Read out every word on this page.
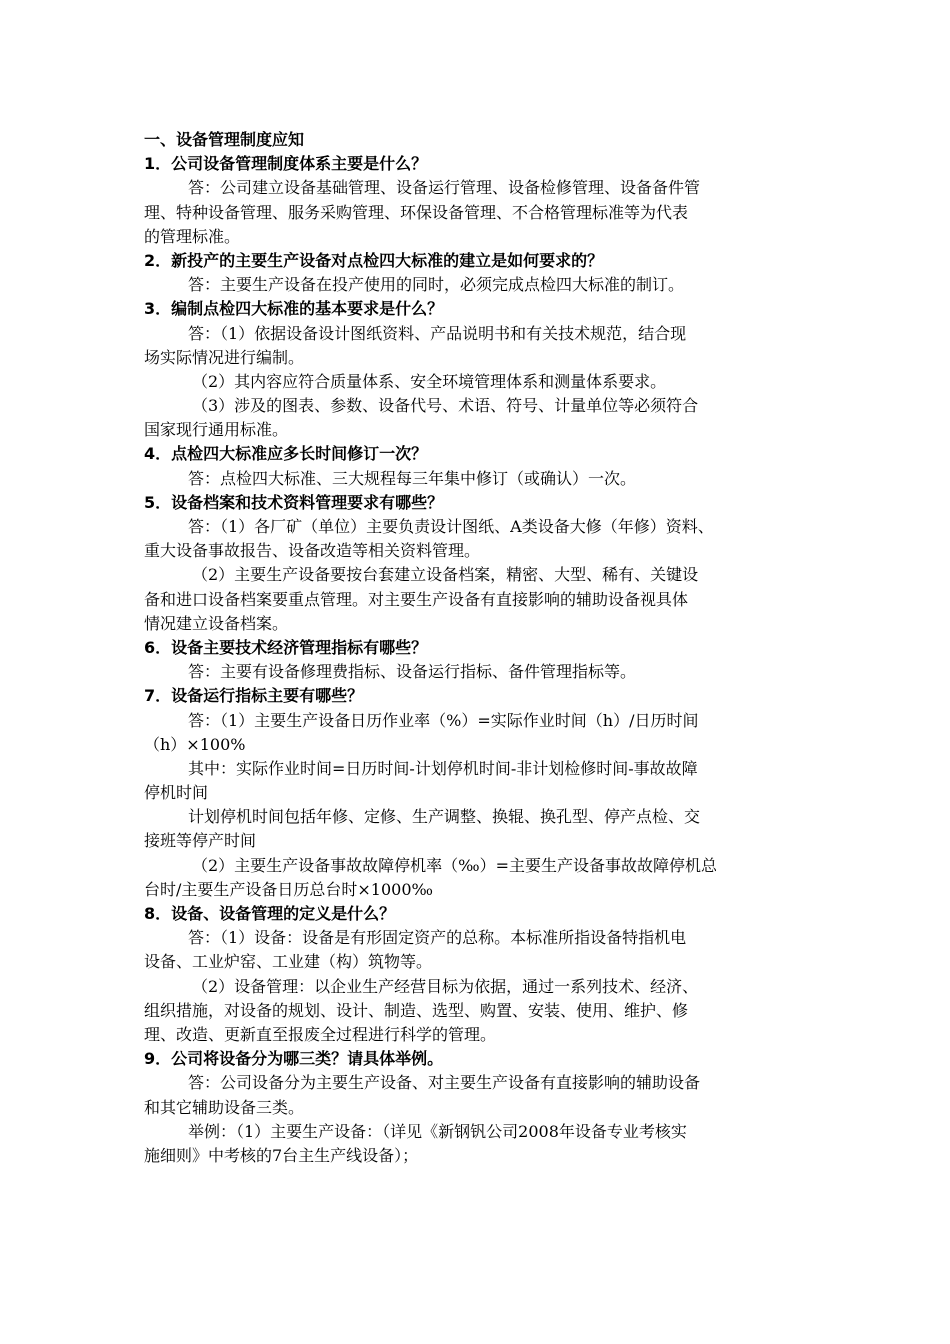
一、设备管理制度应知
1．公司设备管理制度体系主要是什么？
答：公司建立设备基础管理、设备运行管理、设备检修管理、设备备件管
理、特种设备管理、服务采购管理、环保设备管理、不合格管理标准等为代表
的管理标准。
2．新投产的主要生产设备对点检四大标准的建立是如何要求的？
答：主要生产设备在投产使用的同时，必须完成点检四大标准的制订。
3．编制点检四大标准的基本要求是什么？
答：（1）依据设备设计图纸资料、产品说明书和有关技术规范，结合现
场实际情况进行编制。
（2）其内容应符合质量体系、安全环境管理体系和测量体系要求。
（3）涉及的图表、参数、设备代号、术语、符号、计量单位等必须符合
国家现行通用标准。
4．点检四大标准应多长时间修订一次？
答：点检四大标准、三大规程每三年集中修订（或确认）一次。
5．设备档案和技术资料管理要求有哪些？
答：（1）各厂矿（单位）主要负责设计图纸、A类设备大修（年修）资料、
重大设备事故报告、设备改造等相关资料管理。
（2）主要生产设备要按台套建立设备档案，精密、大型、稀有、关键设
备和进口设备档案要重点管理。对主要生产设备有直接影响的辅助设备视具体
情况建立设备档案。
6．设备主要技术经济管理指标有哪些？
答：主要有设备修理费指标、设备运行指标、备件管理指标等。
7．设备运行指标主要有哪些？
答：（1）主要生产设备日历作业率（%）=实际作业时间（h）/日历时间
（h）×100%
其中：实际作业时间=日历时间-计划停机时间-非计划检修时间-事故故障
停机时间
计划停机时间包括年修、定修、生产调整、换辊、换孔型、停产点检、交
接班等停产时间
（2）主要生产设备事故故障停机率（‰）=主要生产设备事故故障停机总
台时/主要生产设备日历总台时×1000‰
8．设备、设备管理的定义是什么？
答：（1）设备：设备是有形固定资产的总称。本标准所指设备特指机电
设备、工业炉窑、工业建（构）筑物等。
（2）设备管理：以企业生产经营目标为依据，通过一系列技术、经济、
组织措施，对设备的规划、设计、制造、选型、购置、安装、使用、维护、修
理、改造、更新直至报废全过程进行科学的管理。
9．公司将设备分为哪三类？请具体举例。
答：公司设备分为主要生产设备、对主要生产设备有直接影响的辅助设备
和其它辅助设备三类。
举例：（1）主要生产设备：（详见《新钢钒公司2008年设备专业考核实
施细则》中考核的7台主生产线设备）；
